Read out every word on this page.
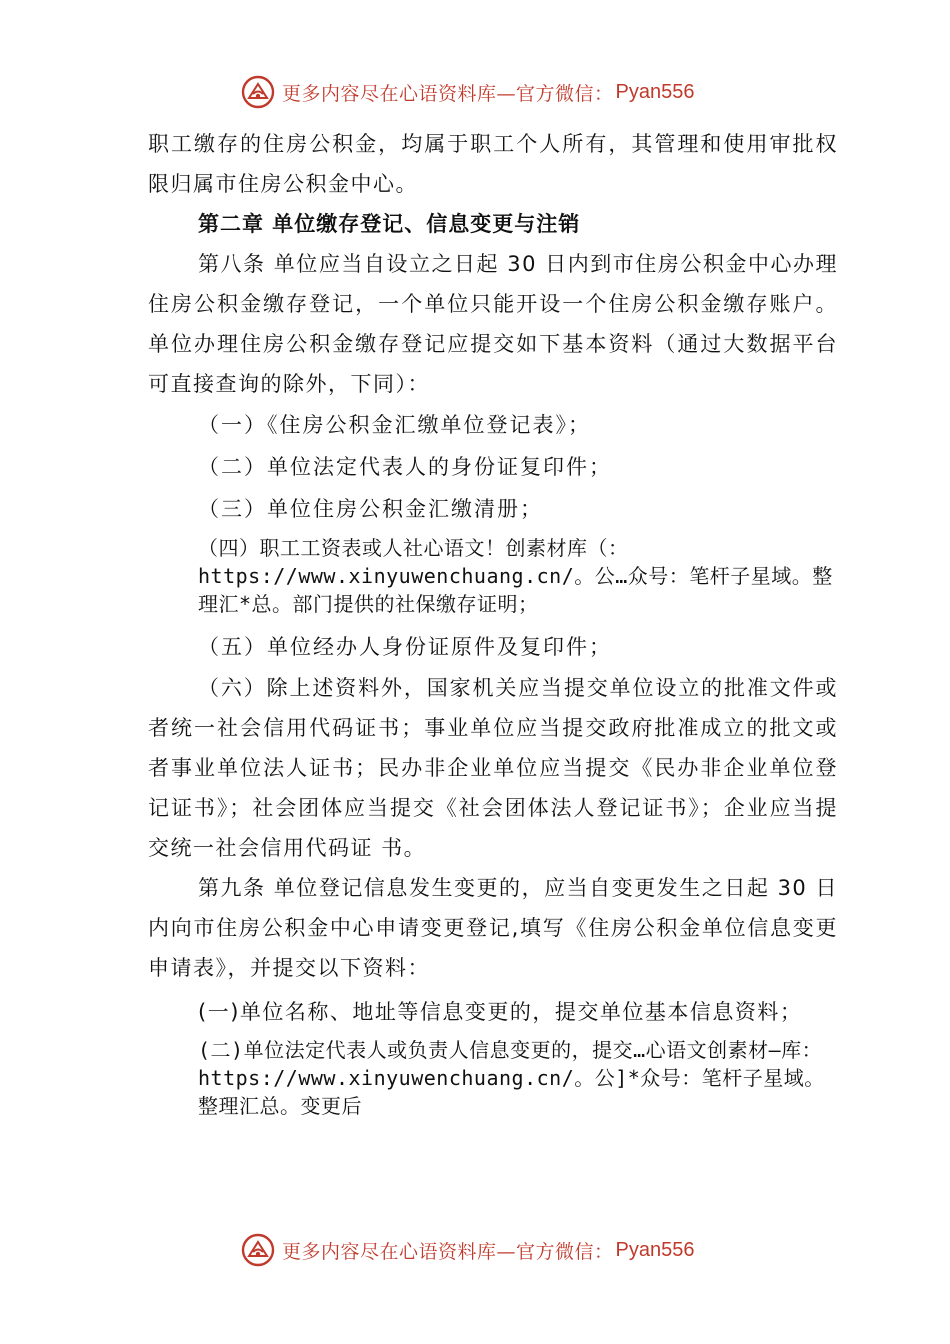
更多内容尽在心语资料库—官方微信： Pyan556

职工缴存的住房公积金，均属于职工个人所有，其管理和使用审批权限归属市住房公积金中心。

第二章 单位缴存登记、信息变更与注销

第八条 单位应当自设立之日起 30 日内到市住房公积金中心办理住房公积金缴存登记，一个单位只能开设一个住房公积金缴存账户。单位办理住房公积金缴存登记应提交如下基本资料（通过大数据平台可直接查询的除外，下同）：

（一）《住房公积金汇缴单位登记表》；

（二）单位法定代表人的身份证复印件；

（三）单位住房公积金汇缴清册；

（四）职工工资表或人社心语文！创素材库（：https://www.xinyuwenchuang.cn/。公…众号：笔杆子星域。整理汇*总。部门提供的社保缴存证明；

（五）单位经办人身份证原件及复印件；

（六）除上述资料外，国家机关应当提交单位设立的批准文件或者统一社会信用代码证书；事业单位应当提交政府批准成立的批文或者事业单位法人证书；民办非企业单位应当提交《民办非企业单位登记证书》；社会团体应当提交《社会团体法人登记证书》；企业应当提交统一社会信用代码证 书。

第九条 单位登记信息发生变更的，应当自变更发生之日起 30 日内向市住房公积金中心申请变更登记,填写《住房公积金单位信息变更申请表》，并提交以下资料：

(一)单位名称、地址等信息变更的，提交单位基本信息资料；

(二)单位法定代表人或负责人信息变更的，提交…心语文创素材—库：https://www.xinyuwenchuang.cn/。公]*众号：笔杆子星域。整理汇总。变更后

更多内容尽在心语资料库—官方微信： Pyan556
